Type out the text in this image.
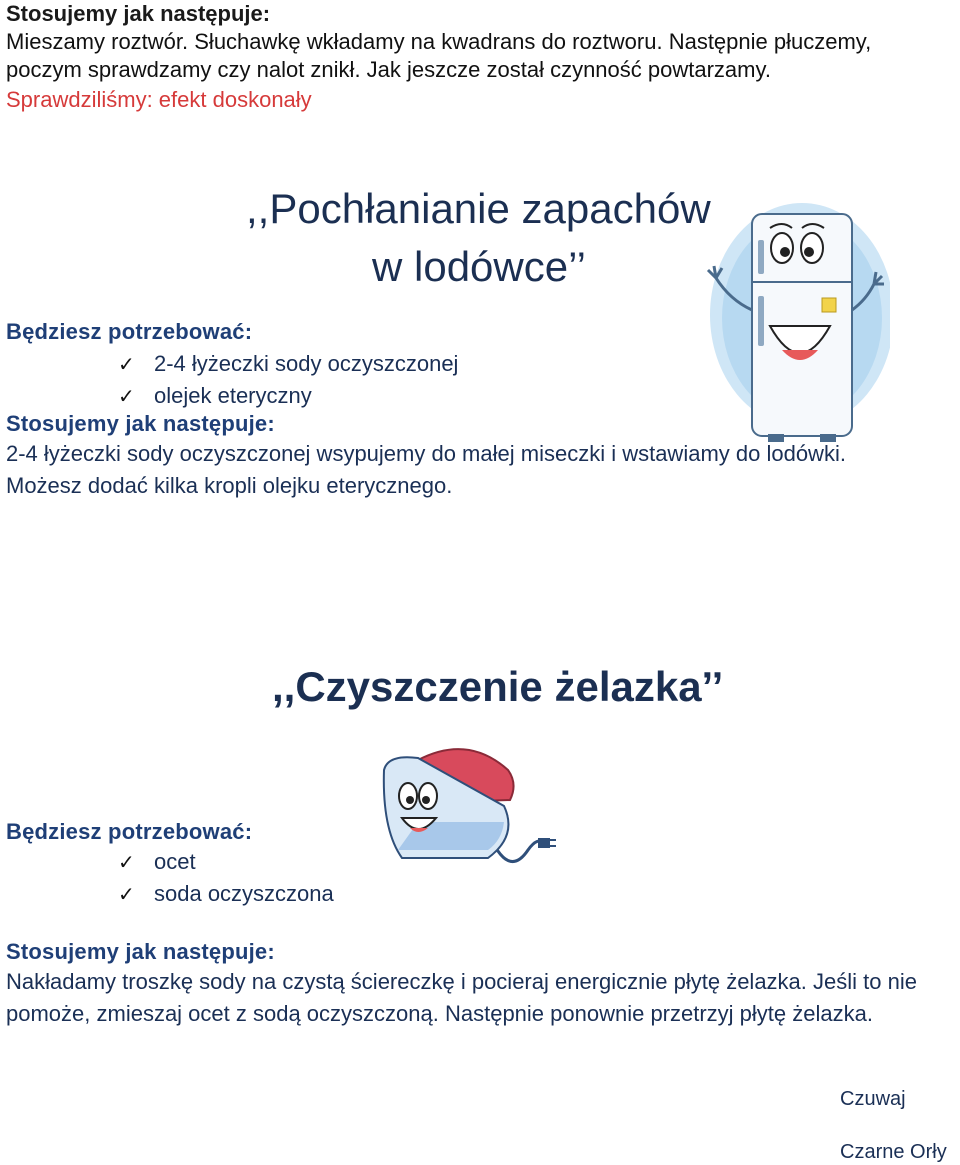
Stosujemy jak następuje:
Mieszamy roztwór. Słuchawkę wkładamy na kwadrans do roztworu. Następnie płuczemy,
poczym sprawdzamy czy nalot znikł. Jak jeszcze został czynność powtarzamy.
Sprawdziliśmy: efekt doskonały
,,Pochłanianie zapachów
w lodówce’’
Będziesz potrzebować:
✓ 2-4 łyżeczki sody oczyszczonej
✓ olejek eteryczny
Stosujemy jak następuje:
2-4 łyżeczki sody oczyszczonej wsypujemy do małej miseczki i wstawiamy do lodówki.
Możesz dodać kilka kropli olejku eterycznego.
,,Czyszczenie żelazka’’
Będziesz potrzebować:
✓ ocet
✓ soda oczyszczona
Stosujemy jak następuje:
Nakładamy troszkę sody na czystą ściereczkę i pocieraj energicznie płytę żelazka. Jeśli to nie
pomoże, zmieszaj ocet z sodą oczyszczoną. Następnie ponownie przetrzyj płytę żelazka.
Czuwaj
Czarne Orły
